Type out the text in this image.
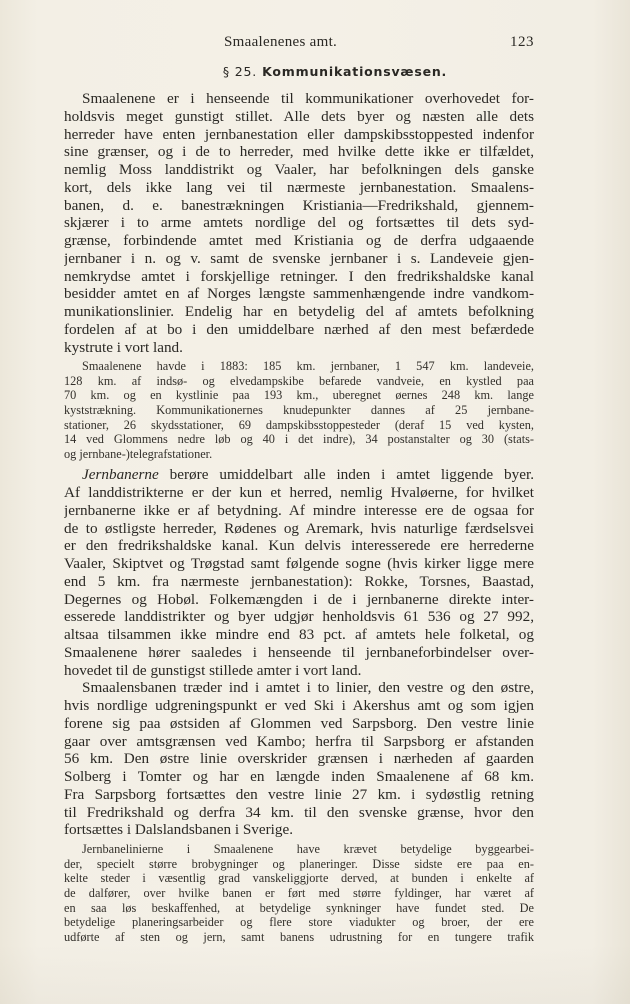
Smaalenenes amt.	123
§ 25. Kommunikationsvæsen.
Smaalenene er i henseende til kommunikationer overhovedet for-
holdsvis meget gunstigt stillet. Alle dets byer og næsten alle dets
herreder have enten jernbanestation eller dampskibsstoppested indenfor
sine grænser, og i de to herreder, med hvilke dette ikke er tilfældet,
nemlig Moss landdistrikt og Vaaler, har befolkningen dels ganske
kort, dels ikke lang vei til nærmeste jernbanestation. Smaalens-
banen, d. e. banestrækningen Kristiania—Fredrikshald, gjennem-
skjærer i to arme amtets nordlige del og fortsættes til dets syd-
grænse, forbindende amtet med Kristiania og de derfra udgaaende
jernbaner i n. og v. samt de svenske jernbaner i s. Landeveie gjen-
nemkrydse amtet i forskjellige retninger. I den fredrikshaldske kanal
besidder amtet en af Norges længste sammenhængende indre vandkom-
munikationslinier. Endelig har en betydelig del af amtets befolkning
fordelen af at bo i den umiddelbare nærhed af den mest befærdede
kystrute i vort land.
Smaalenene havde i 1883: 185 km. jernbaner, 1 547 km. landeveie,
128 km. af indsø- og elvedampskibe befarede vandveie, en kystled paa
70 km. og en kystlinie paa 193 km., uberegnet øernes 248 km. lange
kyststrækning. Kommunikationernes knudepunkter dannes af 25 jernbane-
stationer, 26 skydsstationer, 69 dampskibsstoppesteder (deraf 15 ved kysten,
14 ved Glommens nedre løb og 40 i det indre), 34 postanstalter og 30 (stats-
og jernbane-)telegrafstationer.
Jernbanerne berøre umiddelbart alle inden i amtet liggende byer.
Af landdistrikterne er der kun et herred, nemlig Hvaløerne, for hvilket
jernbanerne ikke er af betydning. Af mindre interesse ere de ogsaa for
de to østligste herreder, Rødenes og Aremark, hvis naturlige færdselsvei
er den fredrikshaldske kanal. Kun delvis interesserede ere herrederne
Vaaler, Skiptvet og Trøgstad samt følgende sogne (hvis kirker ligge mere
end 5 km. fra nærmeste jernbanestation): Rokke, Torsnes, Baastad,
Degernes og Hobøl. Folkemængden i de i jernbanerne direkte inter-
esserede landdistrikter og byer udgjør henholdsvis 61 536 og 27 992,
altsaa tilsammen ikke mindre end 83 pct. af amtets hele folketal, og
Smaalenene hører saaledes i henseende til jernbaneforbindelser over-
hovedet til de gunstigst stillede amter i vort land.
Smaalensbanen træder ind i amtet i to linier, den vestre og den østre,
hvis nordlige udgreningspunkt er ved Ski i Akershus amt og som igjen
forene sig paa østsiden af Glommen ved Sarpsborg. Den vestre linie
gaar over amtsgrænsen ved Kambo; herfra til Sarpsborg er afstanden
56 km. Den østre linie overskrider grænsen i nærheden af gaarden
Solberg i Tomter og har en længde inden Smaalenene af 68 km.
Fra Sarpsborg fortsættes den vestre linie 27 km. i sydøstlig retning
til Fredrikshald og derfra 34 km. til den svenske grænse, hvor den
fortsættes i Dalslandsbanen i Sverige.
Jernbanelinierne i Smaalenene have krævet betydelige byggearbei-
der, specielt større brobygninger og planeringer. Disse sidste ere paa en-
kelte steder i væsentlig grad vanskeliggjorte derved, at bunden i enkelte af
de dalfører, over hvilke banen er ført med større fyldinger, har været af
en saa løs beskaffenhed, at betydelige synkninger have fundet sted. De
betydelige planeringsarbeider og flere store viadukter og broer, der ere
udførte af sten og jern, samt banens udrustning for en tungere trafik
